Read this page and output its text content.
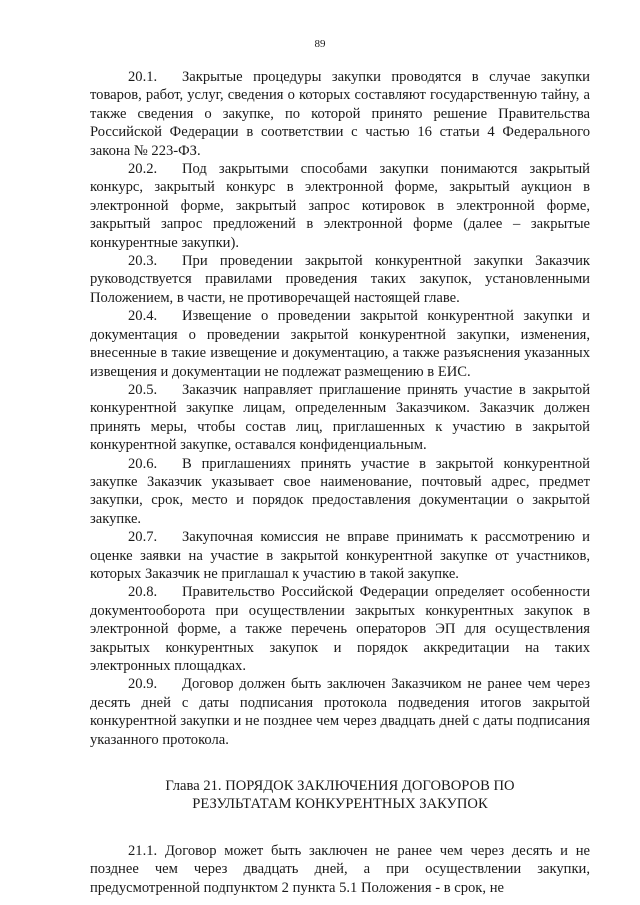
89

20.1. Закрытые процедуры закупки проводятся в случае закупки товаров, работ, услуг, сведения о которых составляют государственную тайну, а также сведения о закупке, по которой принято решение Правительства Российской Федерации в соответствии с частью 16 статьи 4 Федерального закона № 223-ФЗ.

20.2. Под закрытыми способами закупки понимаются закрытый конкурс, закрытый конкурс в электронной форме, закрытый аукцион в электронной форме, закрытый запрос котировок в электронной форме, закрытый запрос предложений в электронной форме (далее – закрытые конкурентные закупки).

20.3. При проведении закрытой конкурентной закупки Заказчик руководствуется правилами проведения таких закупок, установленными Положением, в части, не противоречащей настоящей главе.

20.4. Извещение о проведении закрытой конкурентной закупки и документация о проведении закрытой конкурентной закупки, изменения, внесенные в такие извещение и документацию, а также разъяснения указанных извещения и документации не подлежат размещению в ЕИС.

20.5. Заказчик направляет приглашение принять участие в закрытой конкурентной закупке лицам, определенным Заказчиком. Заказчик должен принять меры, чтобы состав лиц, приглашенных к участию в закрытой конкурентной закупке, оставался конфиденциальным.

20.6. В приглашениях принять участие в закрытой конкурентной закупке Заказчик указывает свое наименование, почтовый адрес, предмет закупки, срок, место и порядок предоставления документации о закрытой закупке.

20.7. Закупочная комиссия не вправе принимать к рассмотрению и оценке заявки на участие в закрытой конкурентной закупке от участников, которых Заказчик не приглашал к участию в такой закупке.

20.8. Правительство Российской Федерации определяет особенности документооборота при осуществлении закрытых конкурентных закупок в электронной форме, а также перечень операторов ЭП для осуществления закрытых конкурентных закупок и порядок аккредитации на таких электронных площадках.

20.9. Договор должен быть заключен Заказчиком не ранее чем через десять дней с даты подписания протокола подведения итогов закрытой конкурентной закупки и не позднее чем через двадцать дней с даты подписания указанного протокола.

Глава 21. ПОРЯДОК ЗАКЛЮЧЕНИЯ ДОГОВОРОВ ПО
РЕЗУЛЬТАТАМ КОНКУРЕНТНЫХ ЗАКУПОК

21.1. Договор может быть заключен не ранее чем через десять и не позднее чем через двадцать дней, а при осуществлении закупки, предусмотренной подпунктом 2 пункта 5.1 Положения - в срок, не
